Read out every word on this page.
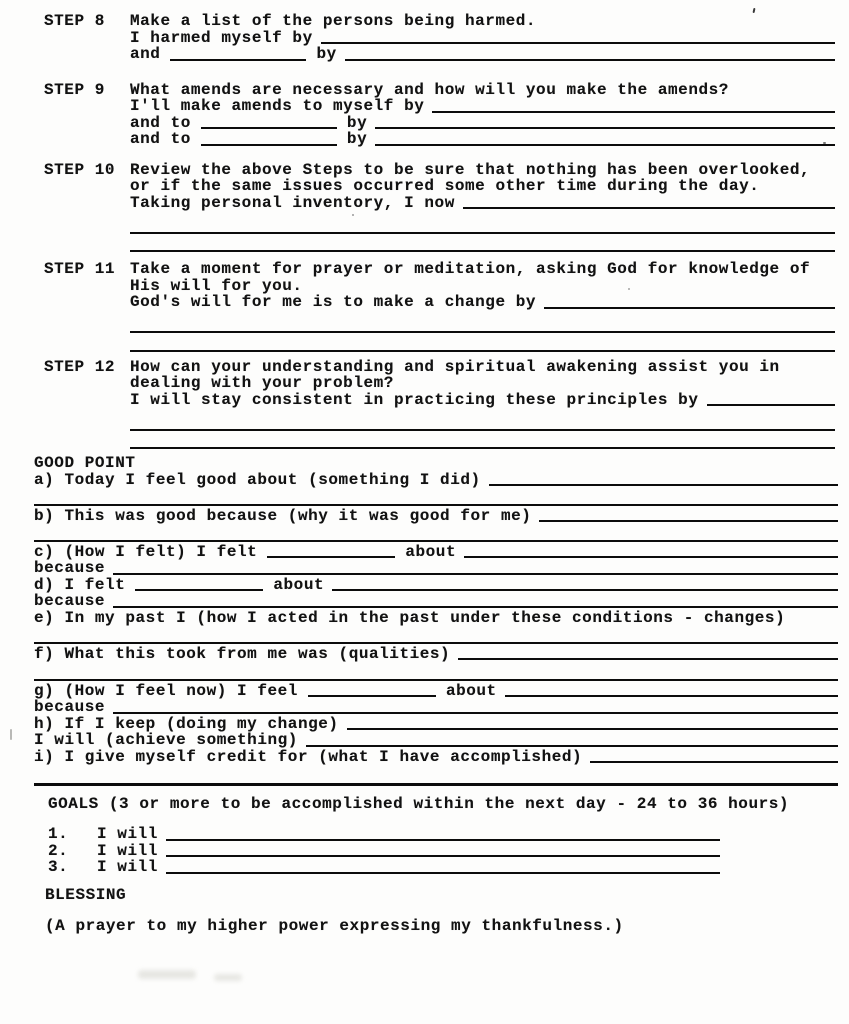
STEP 8	Make a list of the persons being harmed.
I harmed myself by
and	by
STEP 9	What amends are necessary and how will you make the amends?
I'll make amends to myself by
and to	by
and to	by
STEP 10 Review the above Steps to be sure that nothing has been overlooked,
or if the same issues occurred some other time during the day.
Taking personal inventory, I now
STEP 11 Take a moment for prayer or meditation, asking God for knowledge of
His will for you.
God's will for me is to make a change by
STEP 12 How can your understanding and spiritual awakening assist you in
dealing with your problem?
I will stay consistent in practicing these principles by
GOOD POINT
a) Today I feel good about (something I did)
b) This was good because (why it was good for me)
c) (How I felt) I felt	about
because
d) I felt	about
because
e) In my past I (how I acted in the past under these conditions - changes)
f) What this took from me was (qualities)
g) (How I feel now) I feel	about
because
h) If I keep (doing my change)
I will (achieve something)
i) I give myself credit for (what I have accomplished)
GOALS (3 or more to be accomplished within the next day - 24 to 36 hours)
1.	I will
2.	I will
3.	I will
BLESSING
(A prayer to my higher power expressing my thankfulness.)
